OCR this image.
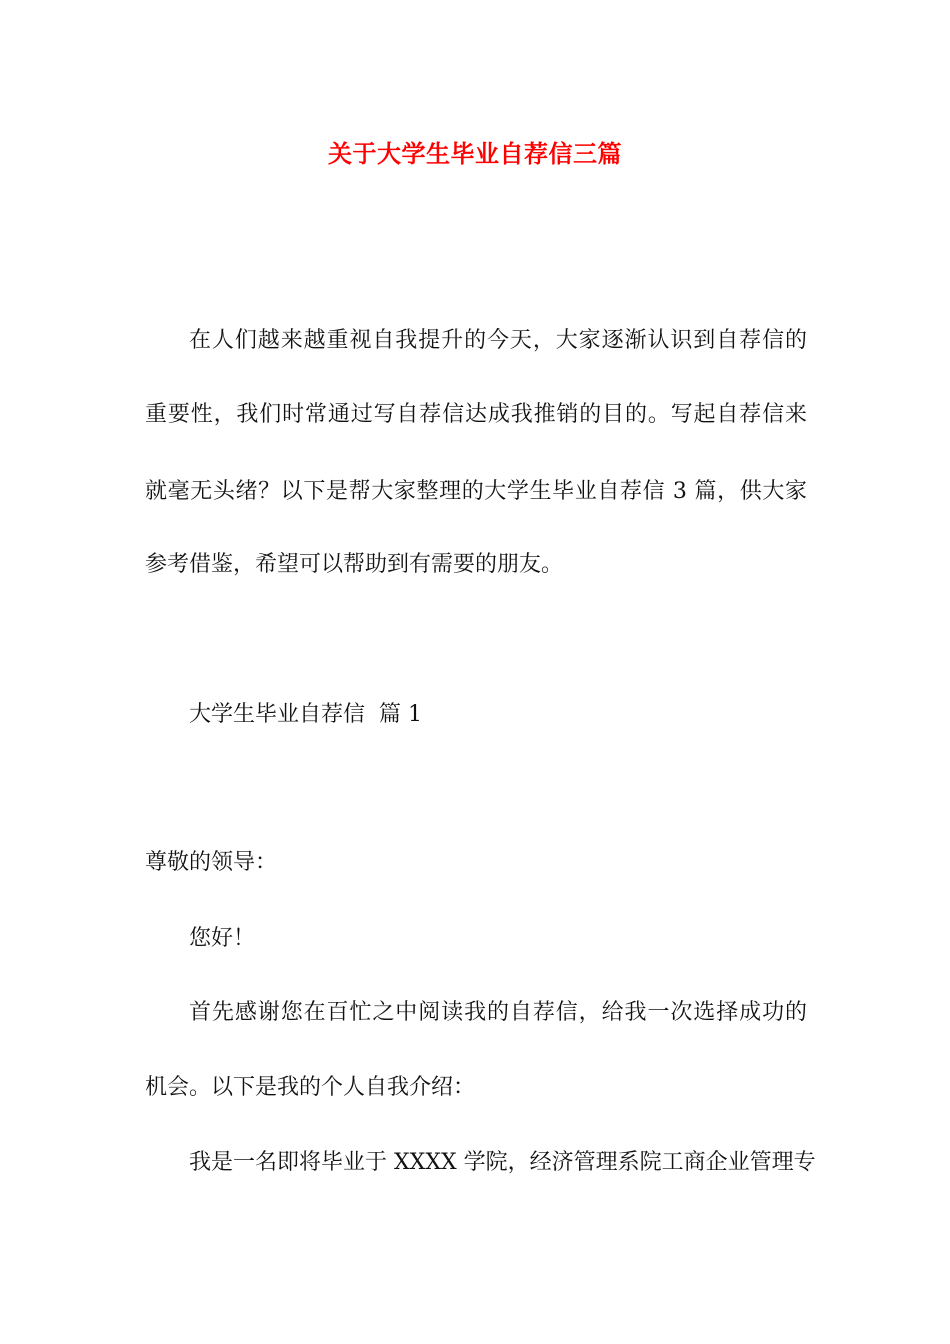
关于大学生毕业自荐信三篇

在人们越来越重视自我提升的今天，大家逐渐认识到自荐信的

重要性，我们时常通过写自荐信达成我推销的目的。写起自荐信来

就毫无头绪？以下是帮大家整理的大学生毕业自荐信 3 篇，供大家

参考借鉴，希望可以帮助到有需要的朋友。

大学生毕业自荐信  篇 1

尊敬的领导：

您好！

首先感谢您在百忙之中阅读我的自荐信，给我一次选择成功的

机会。以下是我的个人自我介绍：

我是一名即将毕业于 XXXX 学院，经济管理系院工商企业管理专
